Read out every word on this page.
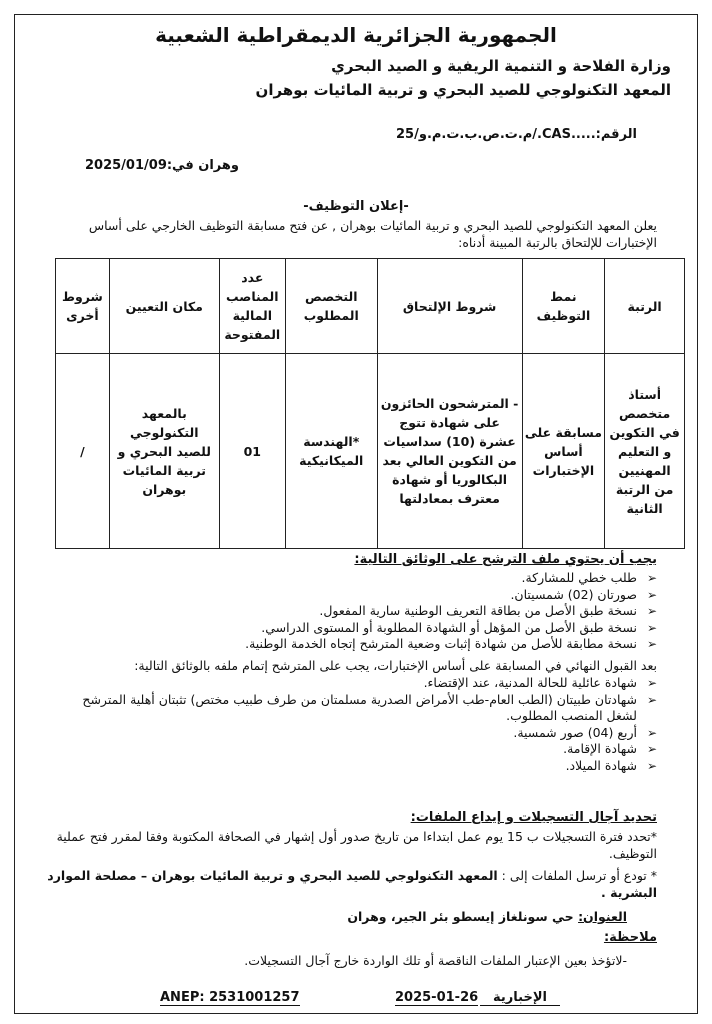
الجمهورية الجزائرية الديمقراطية الشعبية
وزارة الفلاحة و التنمية الريفية و الصيد البحري
المعهد التكنولوجي للصيد البحري و تربية المائيات بوهران
الرقم:.....CAS./م.ت.ص.ب.ت.م.و/25
وهران في:2025/01/09
-إعلان التوظيف-
يعلن المعهد التكنولوجي للصيد البحري و تربية المائيات بوهران , عن فتح مسابقة التوظيف الخارجي على أساس الإختبارات للإلتحاق بالرتبة المبينة أدناه:
الرتبة	نمط التوظيف	شروط الإلتحاق	التخصص المطلوب	عدد المناصب المالية المفتوحة	مكان التعيين	شروط أخرى
أستاذ متخصص في التكوين و التعليم المهنيين من الرتبة الثانية	مسابقة على أساس الإختبارات	- المترشحون الحائزون على شهادة تتوج عشرة (10) سداسيات من التكوين العالي بعد البكالوريا أو شهادة معترف بمعادلتها	*الهندسة الميكانيكية	01	بالمعهد التكنولوجي للصيد البحري و تربية المائيات بوهران	/
يجب أن يحتوي ملف الترشح على الوثائق التالية:
➢ طلب خطي للمشاركة.
➢ صورتان (02) شمسيتان.
➢ نسخة طبق الأصل من بطاقة التعريف الوطنية سارية المفعول.
➢ نسخة طبق الأصل من المؤهل أو الشهادة المطلوبة أو المستوى الدراسي.
➢ نسخة مطابقة للأصل من شهادة إثبات وضعية المترشح إتجاه الخدمة الوطنية.
بعد القبول النهائي في المسابقة على أساس الإختبارات، يجب على المترشح إتمام ملفه بالوثائق التالية:
➢ شهادة عائلية للحالة المدنية، عند الإقتضاء.
➢ شهادتان طبيتان (الطب العام-طب الأمراض الصدرية مسلمتان من طرف طبيب مختص) تثبتان أهلية المترشح لشغل المنصب المطلوب.
➢ أربع (04) صور شمسية.
➢ شهادة الإقامة.
➢ شهادة الميلاد.
تحديد آجال التسجيلات و إيداع الملفات:
*تحدد فترة التسجيلات ب 15 يوم عمل ابتداءا من تاريخ صدور أول إشهار في الصحافة المكتوبة وفقا لمقرر فتح عملية التوظيف.
* تودع أو ترسل الملفات إلى : المعهد التكنولوجي للصيد البحري و تربية المائيات بوهران – مصلحة الموارد البشرية .
العنوان: حي سونلغاز إيسطو بئر الجير، وهران
ملاحظة:
-لاتؤخذ بعين الإعتبار الملفات الناقصة أو تلك الواردة خارج آجال التسجيلات.
ANEP: 2531001257	2025-01-26	الإخبارية
